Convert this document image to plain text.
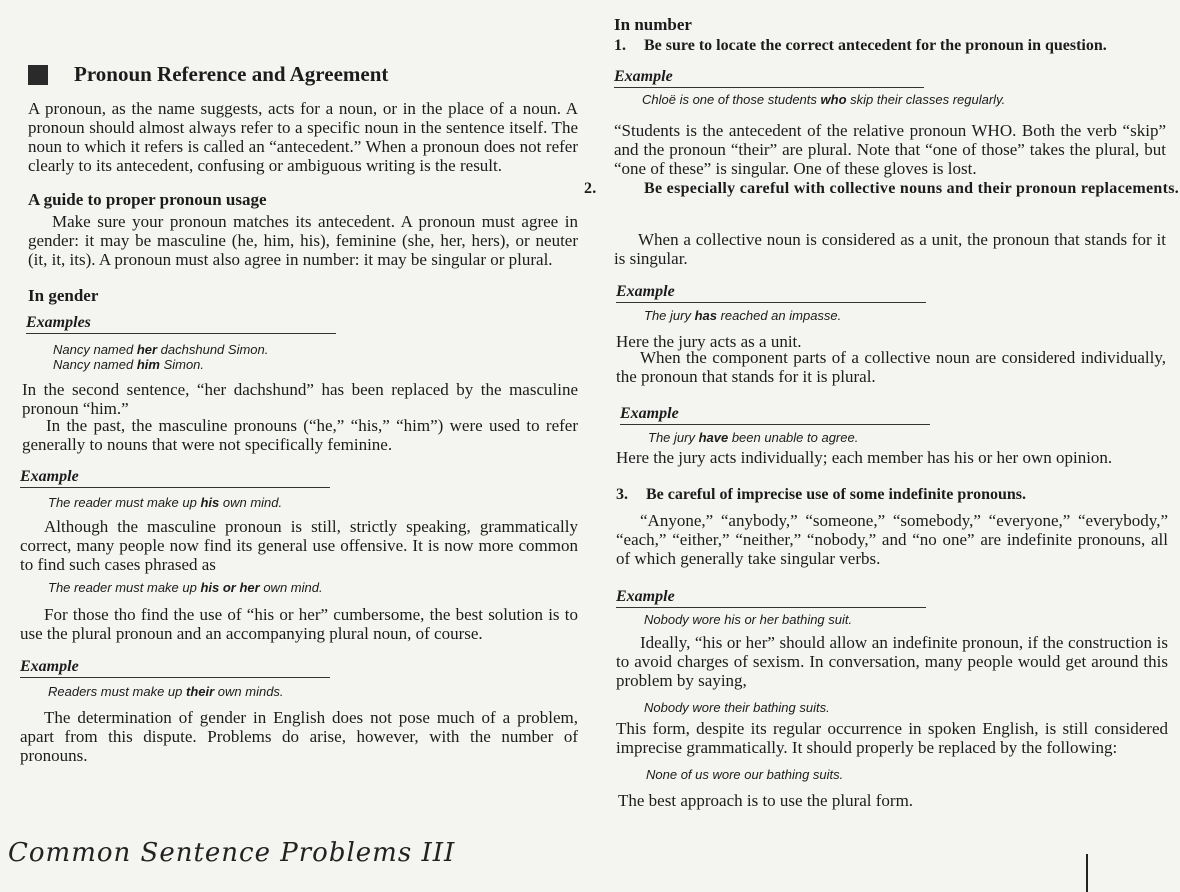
Pronoun Reference and Agreement

A pronoun, as the name suggests, acts for a noun, or in the place of a noun. A pronoun should almost always refer to a specific noun in the sentence itself. The noun to which it refers is called an “antecedent.” When a pronoun does not refer clearly to its antecedent, confusing or ambiguous writing is the result.

A guide to proper pronoun usage

Make sure your pronoun matches its antecedent. A pronoun must agree in gender: it may be masculine (he, him, his), feminine (she, her, hers), or neuter (it, it, its). A pronoun must also agree in number: it may be singular or plural.

In gender
Examples
Nancy named her dachshund Simon.
Nancy named him Simon.

In the second sentence, “her dachshund” has been replaced by the masculine pronoun “him.”

In the past, the masculine pronouns (“he,” “his,” “him”) were used to refer generally to nouns that were not specifically feminine.

Example
The reader must make up his own mind.

Although the masculine pronoun is still, strictly speaking, grammatically correct, many people now find its general use offensive. It is now more common to find such cases phrased as

The reader must make up his or her own mind.

For those tho find the use of “his or her” cumbersome, the best solution is to use the plural pronoun and an accompanying plural noun, of course.

Example
Readers must make up their own minds.

The determination of gender in English does not pose much of a problem, apart from this dispute. Problems do arise, however, with the number of pronouns.

In number
1. Be sure to locate the correct antecedent for the pronoun in question.
Example
Chloë is one of those students who skip their classes regularly.

“Students is the antecedent of the relative pronoun WHO. Both the verb “skip” and the pronoun “their” are plural. Note that “one of those” takes the plural, but “one of these” is singular. One of these gloves is lost.

2.	Be especially careful with collective nouns and their pronoun replacements.

When a collective noun is considered as a unit, the pronoun that stands for it is singular.

Example
The jury has reached an impasse.

Here the jury acts as a unit.

When the component parts of a collective noun are considered individually, the pronoun that stands for it is plural.

Example
The jury have been unable to agree.

Here the jury acts individually; each member has his or her own opinion.

3. Be careful of imprecise use of some indefinite pronouns.

“Anyone,” “anybody,” “someone,” “somebody,” “everyone,” “everybody,” “each,” “either,” “neither,” “nobody,” and “no one” are indefinite pronouns, all of which generally take singular verbs.

Example
Nobody wore his or her bathing suit.

Ideally, “his or her” should allow an indefinite pronoun, if the construction is to avoid charges of sexism. In conversation, many people would get around this problem by saying,

Nobody wore their bathing suits.

This form, despite its regular occurrence in spoken English, is still considered imprecise grammatically. It should properly be replaced by the following:

None of us wore our bathing suits.

The best approach is to use the plural form.

Common Sentence Problems III
